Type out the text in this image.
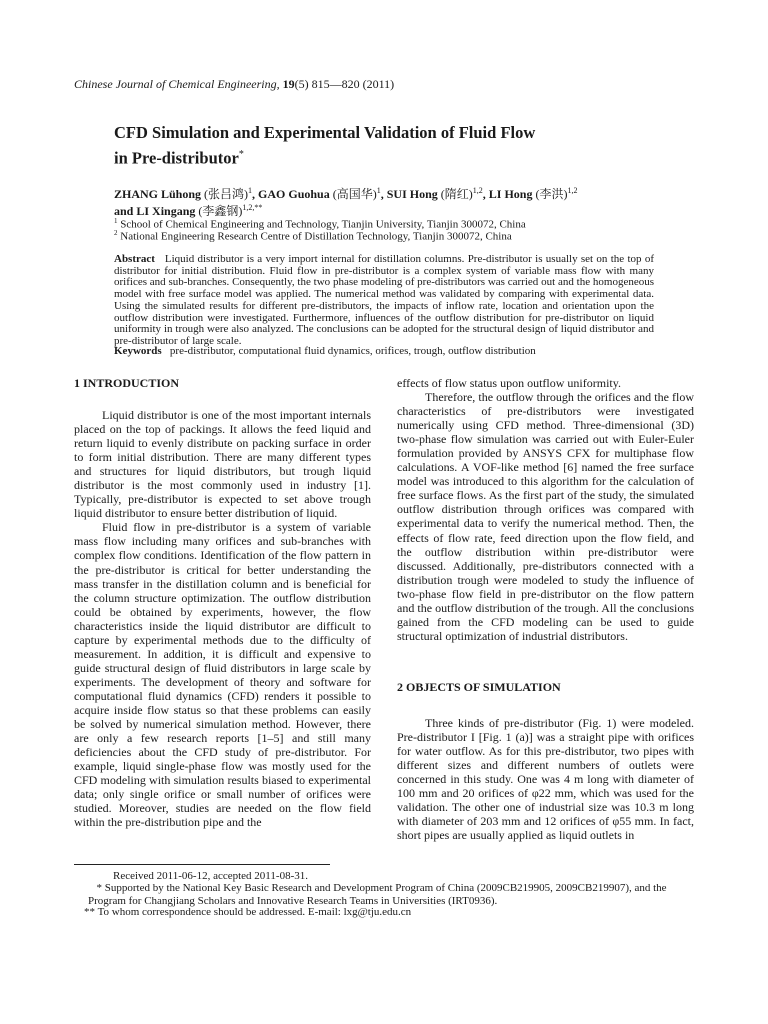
Chinese Journal of Chemical Engineering, 19(5) 815—820 (2011)
CFD Simulation and Experimental Validation of Fluid Flow
in Pre-distributor*
ZHANG Lühong (张吕鸿)$^1$, GAO Guohua (高国华)$^1$, SUI Hong (隋红)$^{1,2}$, LI Hong (李洪)$^{1,2}$
and LI Xingang (李鑫钢)$^{1,2,**}$
$^1$ School of Chemical Engineering and Technology, Tianjin University, Tianjin 300072, China
$^2$ National Engineering Research Centre of Distillation Technology, Tianjin 300072, China
Abstract Liquid distributor is a very import internal for distillation columns. Pre-distributor is usually set on the top of distributor for initial distribution. Fluid flow in pre-distributor is a complex system of variable mass flow with many orifices and sub-branches. Consequently, the two phase modeling of pre-distributors was carried out and the homogeneous model with free surface model was applied. The numerical method was validated by comparing with experimental data. Using the simulated results for different pre-distributors, the impacts of inflow rate, location and orientation upon the outflow distribution were investigated. Furthermore, influences of the outflow distribution for pre-distributor on liquid uniformity in trough were also analyzed. The conclusions can be adopted for the structural design of liquid distributor and pre-distributor of large scale.
Keywords pre-distributor, computational fluid dynamics, orifices, trough, outflow distribution
1 INTRODUCTION

Liquid distributor is one of the most important internals placed on the top of packings. It allows the feed liquid and return liquid to evenly distribute on packing surface in order to form initial distribution. There are many different types and structures for liquid distributors, but trough liquid distributor is the most commonly used in industry [1]. Typically, pre-distributor is expected to set above trough liquid distributor to ensure better distribution of liquid.

Fluid flow in pre-distributor is a system of variable mass flow including many orifices and sub-branches with complex flow conditions. Identification of the flow pattern in the pre-distributor is critical for better understanding the mass transfer in the distillation column and is beneficial for the column structure optimization. The outflow distribution could be obtained by experiments, however, the flow characteristics inside the liquid distributor are difficult to capture by experimental methods due to the difficulty of measurement. In addition, it is difficult and expensive to guide structural design of fluid distributors in large scale by experiments. The development of theory and software for computational fluid dynamics (CFD) renders it possible to acquire inside flow status so that these problems can easily be solved by numerical simulation method. However, there are only a few research reports [1–5] and still many deficiencies about the CFD study of pre-distributor. For example, liquid single-phase flow was mostly used for the CFD modeling with simulation results biased to experimental data; only single orifice or small number of orifices were studied. Moreover, studies are needed on the flow field within the pre-distribution pipe and the

effects of flow status upon outflow uniformity.

Therefore, the outflow through the orifices and the flow characteristics of pre-distributors were investigated numerically using CFD method. Three-dimensional (3D) two-phase flow simulation was carried out with Euler-Euler formulation provided by ANSYS CFX for multiphase flow calculations. A VOF-like method [6] named the free surface model was introduced to this algorithm for the calculation of free surface flows. As the first part of the study, the simulated outflow distribution through orifices was compared with experimental data to verify the numerical method. Then, the effects of flow rate, feed direction upon the flow field, and the outflow distribution within pre-distributor were discussed. Additionally, pre-distributors connected with a distribution trough were modeled to study the influence of two-phase flow field in pre-distributor on the flow pattern and the outflow distribution of the trough. All the conclusions gained from the CFD modeling can be used to guide structural optimization of industrial distributors.

2 OBJECTS OF SIMULATION

Three kinds of pre-distributor (Fig. 1) were modeled. Pre-distributor I [Fig. 1 (a)] was a straight pipe with orifices for water outflow. As for this pre-distributor, two pipes with different sizes and different numbers of outlets were concerned in this study. One was 4 m long with diameter of 100 mm and 20 orifices of φ22 mm, which was used for the validation. The other one of industrial size was 10.3 m long with diameter of 203 mm and 12 orifices of φ55 mm. In fact, short pipes are usually applied as liquid outlets in

Received 2011-06-12, accepted 2011-08-31.
* Supported by the National Key Basic Research and Development Program of China (2009CB219905, 2009CB219907), and the Program for Changjiang Scholars and Innovative Research Teams in Universities (IRT0936).
** To whom correspondence should be addressed. E-mail: lxg@tju.edu.cn
